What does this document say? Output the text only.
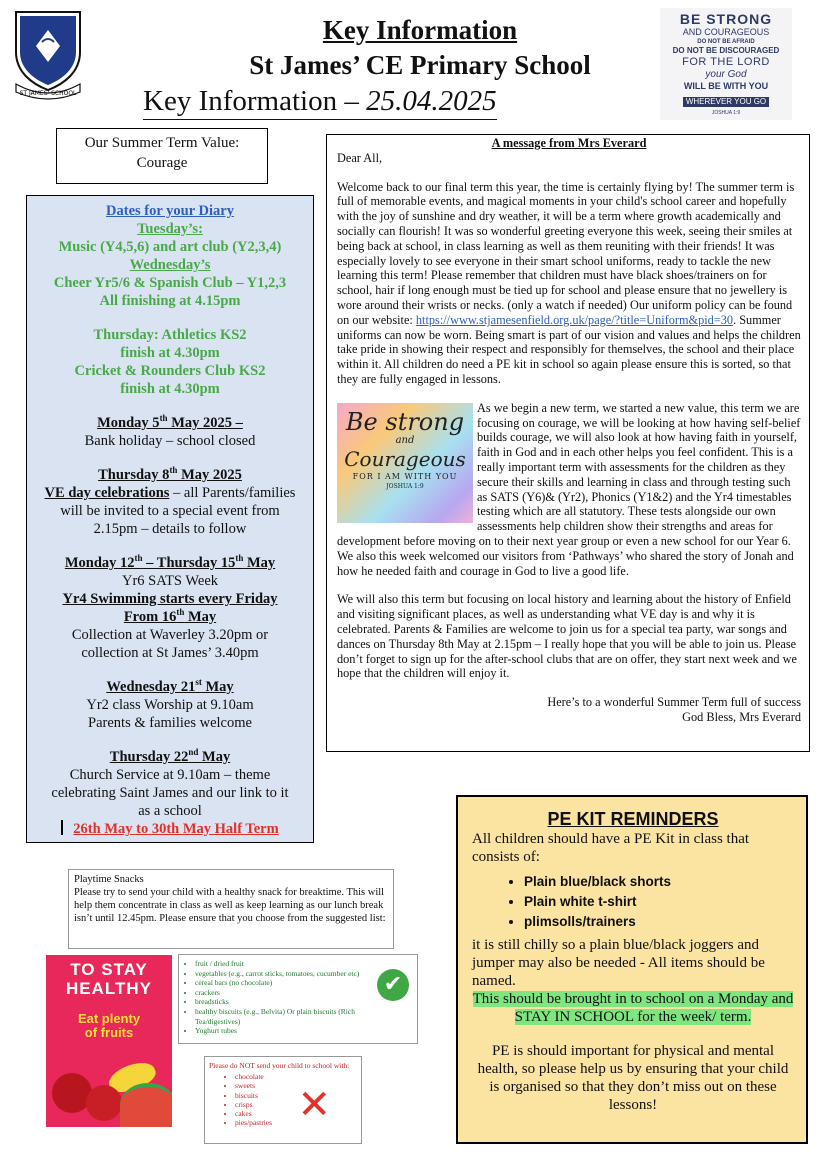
ST JAMES' SCHOOL
Key Information
St James’ CE Primary School
Key Information – 25.04.2025
BE STRONG
AND COURAGEOUS
DO NOT BE AFRAID
DO NOT BE DISCOURAGED
FOR THE LORD
your God
WILL BE WITH YOU
WHEREVER YOU GO
JOSHUA 1:9
Our Summer Term Value:
Courage
Dates for your Diary
Tuesday’s:
Music (Y4,5,6) and art club (Y2,3,4)
Wednesday’s
Cheer Yr5/6 & Spanish Club – Y1,2,3
All finishing at 4.15pm
Thursday: Athletics KS2
finish at 4.30pm
Cricket & Rounders Club KS2
finish at 4.30pm
Monday 5th May 2025 –
Bank holiday – school closed
Thursday 8th May 2025
VE day celebrations – all Parents/families
will be invited to a special event from
2.15pm – details to follow
Monday 12th – Thursday 15th May
Yr6 SATS Week
Yr4 Swimming starts every Friday
From 16th May
Collection at Waverley 3.20pm or
collection at St James’ 3.40pm
Wednesday 21st May
Yr2 class Worship at 9.10am
Parents & families welcome
Thursday 22nd May
Church Service at 9.10am – theme
celebrating Saint James and our link to it
as a school
26th May to 30th May Half Term
A message from Mrs Everard

Dear All,

Welcome back to our final term this year, the time is certainly flying by! The summer term is full of memorable events, and magical moments in your child's school career and hopefully with the joy of sunshine and dry weather, it will be a term where growth academically and socially can flourish! It was so wonderful greeting everyone this week, seeing their smiles at being back at school, in class learning as well as them reuniting with their friends! It was especially lovely to see everyone in their smart school uniforms, ready to tackle the new learning this term! Please remember that children must have black shoes/trainers on for school, hair if long enough must be tied up for school and please ensure that no jewellery is wore around their wrists or necks. (only a watch if needed) Our uniform policy can be found on our website: https://www.stjamesenfield.org.uk/page/?title=Uniform&pid=30. Summer uniforms can now be worn. Being smart is part of our vision and values and helps the children take pride in showing their respect and responsibly for themselves, the school and their place within it. All children do need a PE kit in school so again please ensure this is sorted, so that they are fully engaged in lessons.

Be strong
and
Courageous
FOR I AM WITH YOU
JOSHUA 1:9
As we begin a new term, we started a new value, this term we are focusing on courage, we will be looking at how having self-belief builds courage, we will also look at how having faith in yourself, faith in God and in each other helps you feel confident. This is a really important term with assessments for the children as they secure their skills and learning in class and through testing such as SATS (Y6)& (Yr2), Phonics (Y1&2) and the Yr4 timestables testing which are all statutory. These tests alongside our own assessments help children show their strengths and areas for development before moving on to their next year group or even a new school for our Year 6. We also this week welcomed our visitors from ‘Pathways’ who shared the story of Jonah and how he needed faith and courage in God to live a good life.

We will also this term but focusing on local history and learning about the history of Enfield and visiting significant places, as well as understanding what VE day is and why it is celebrated. Parents & Families are welcome to join us for a special tea party, war songs and dances on Thursday 8th May at 2.15pm – I really hope that you will be able to join us. Please don’t forget to sign up for the after-school clubs that are on offer, they start next week and we hope that the children will enjoy it.

Here’s to a wonderful Summer Term full of success

God Bless, Mrs Everard

PE KIT REMINDERS
All children should have a PE Kit in class that consists of:
• Plain blue/black shorts
• Plain white t-shirt
• plimsolls/trainers
it is still chilly so a plain blue/black joggers and jumper may also be needed - All items should be named.
This should be brought in to school on a Monday and STAY IN SCHOOL for the week/ term.
PE is should important for physical and mental health, so please help us by ensuring that your child is organised so that they don’t miss out on these lessons!
Playtime Snacks
Please try to send your child with a healthy snack for breaktime. This will help them concentrate in class as well as keep learning as our lunch break isn’t until 12.45pm. Please ensure that you choose from the suggested list:
TO STAY
HEALTHY
Eat plenty
of fruits
• fruit / dried fruit
• vegetables (e.g., carrot sticks, tomatoes, cucumber etc)
• cereal bars (no chocolate)
• crackers
• breadsticks
• healthy biscuits (e.g., Belvita) Or plain biscuits (Rich Tea/digestives)
• Yoghurt tubes
✔
Please do NOT send your child to school with:
• chocolate
• sweets
• biscuits
• crisps
• cakes
• pies/pastries ✕
